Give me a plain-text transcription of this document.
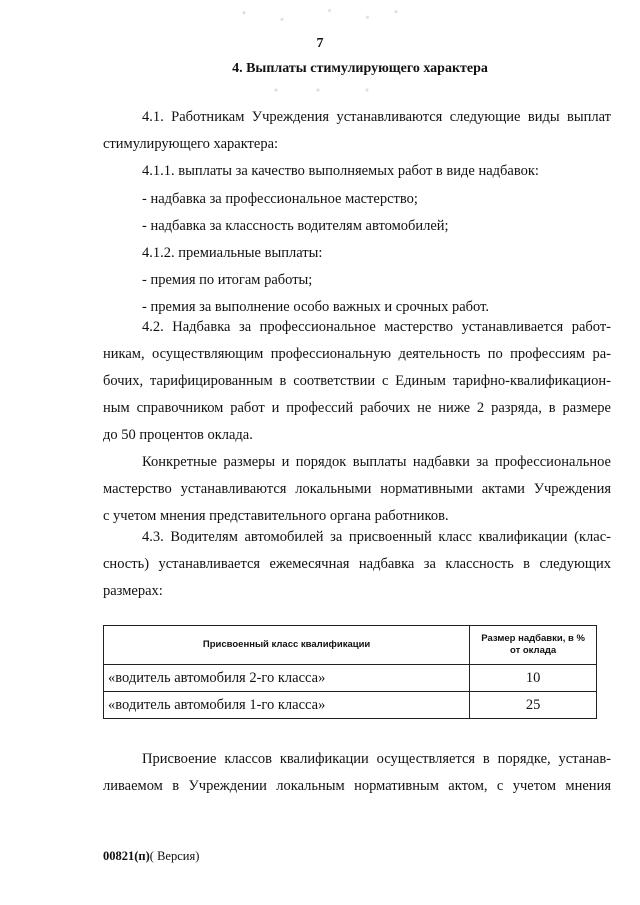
7
4. Выплаты стимулирующего характера
4.1. Работникам Учреждения устанавливаются следующие виды выплат
стимулирующего характера:
4.1.1. выплаты за качество выполняемых работ в виде надбавок:
- надбавка за профессиональное мастерство;
- надбавка за классность водителям автомобилей;
4.1.2. премиальные выплаты:
- премия по итогам работы;
- премия за выполнение особо важных и срочных работ.
4.2. Надбавка за профессиональное мастерство устанавливается работ-
никам, осуществляющим профессиональную деятельность по профессиям ра-
бочих, тарифицированным в соответствии с Единым тарифно-квалификацион-
ным справочником работ и профессий рабочих не ниже 2 разряда, в размере
до 50 процентов оклада.
Конкретные размеры и порядок выплаты надбавки за профессиональное
мастерство устанавливаются локальными нормативными актами Учреждения
с учетом мнения представительного органа работников.
4.3. Водителям автомобилей за присвоенный класс квалификации (клас-
сность) устанавливается ежемесячная надбавка за классность в следующих
размерах:
Присвоенный класс квалификации	Размер надбавки, в %
от оклада

«водитель автомобиля 2-го класса»	10
«водитель автомобиля 1-го класса»	25
Присвоение классов квалификации осуществляется в порядке, устанав-
ливаемом в Учреждении локальным нормативным актом, с учетом мнения
00821(п)( Версия)
